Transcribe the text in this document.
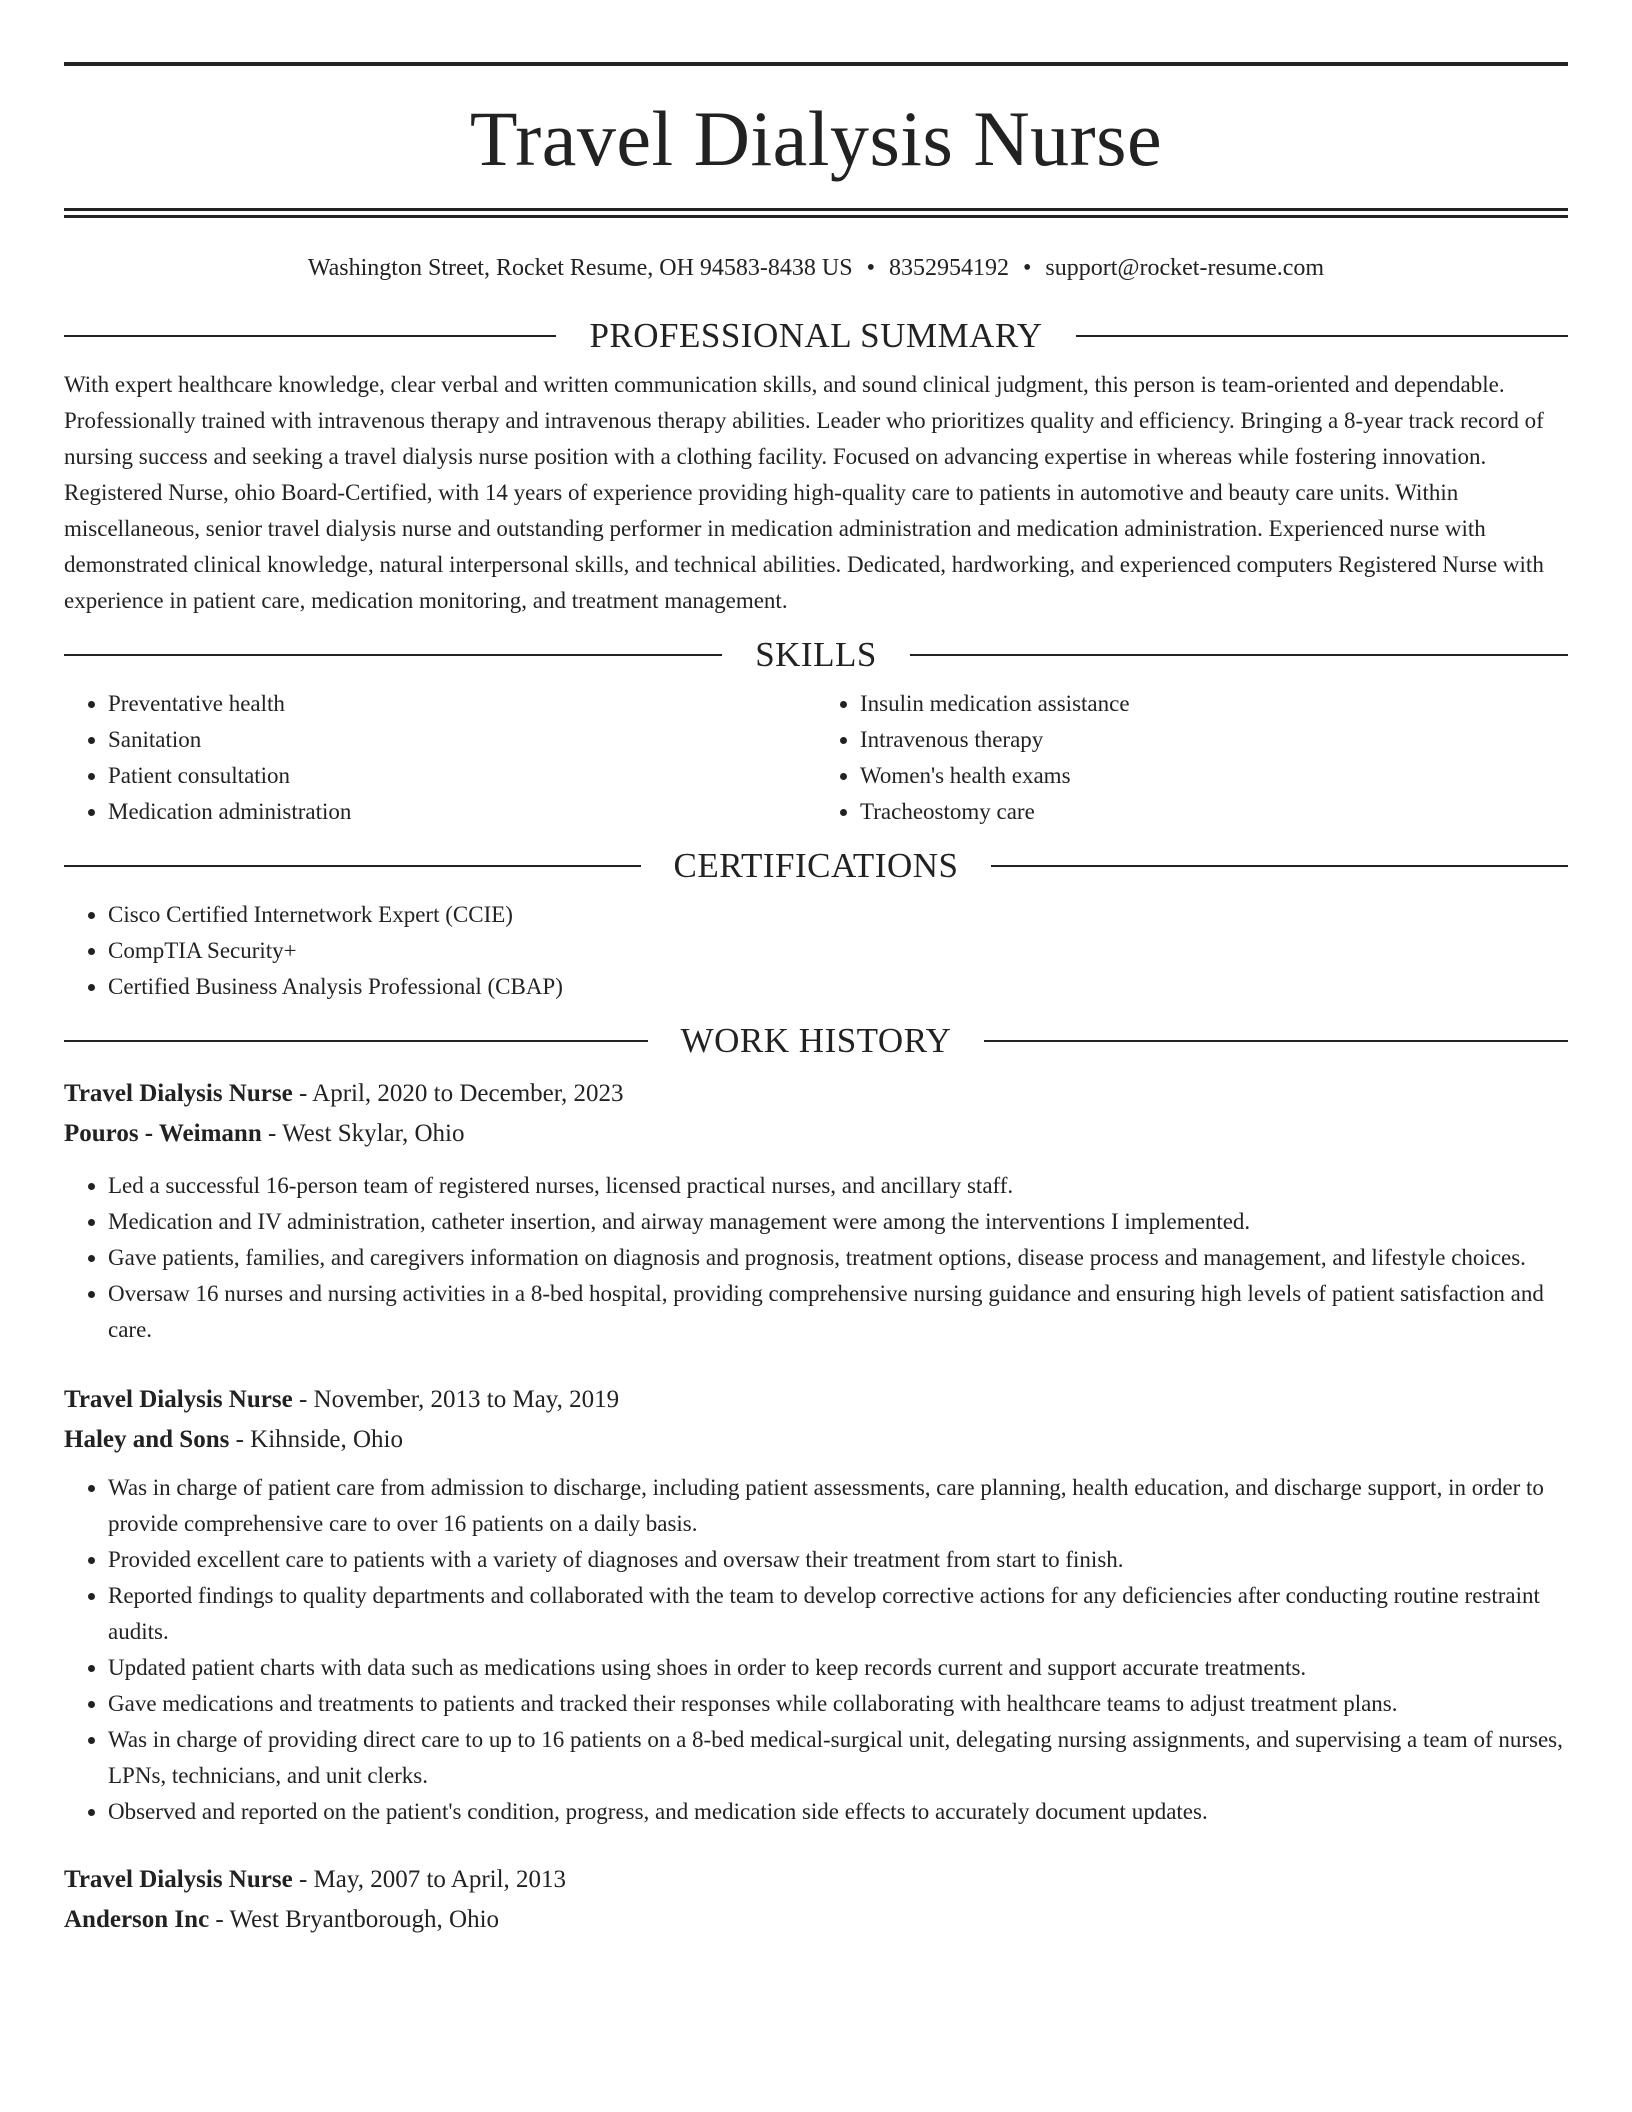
Travel Dialysis Nurse
Washington Street, Rocket Resume, OH 94583-8438 US • 8352954192 • support@rocket-resume.com
PROFESSIONAL SUMMARY

With expert healthcare knowledge, clear verbal and written communication skills, and sound clinical judgment, this person is team-oriented and dependable. Professionally trained with intravenous therapy and intravenous therapy abilities. Leader who prioritizes quality and efficiency. Bringing a 8-year track record of nursing success and seeking a travel dialysis nurse position with a clothing facility. Focused on advancing expertise in whereas while fostering innovation. Registered Nurse, ohio Board-Certified, with 14 years of experience providing high-quality care to patients in automotive and beauty care units. Within miscellaneous, senior travel dialysis nurse and outstanding performer in medication administration and medication administration. Experienced nurse with demonstrated clinical knowledge, natural interpersonal skills, and technical abilities. Dedicated, hardworking, and experienced computers Registered Nurse with experience in patient care, medication monitoring, and treatment management.

SKILLS
• Preventative health
• Sanitation
• Patient consultation
• Medication administration
• Insulin medication assistance
• Intravenous therapy
• Women's health exams
• Tracheostomy care
CERTIFICATIONS
• Cisco Certified Internetwork Expert (CCIE)
• CompTIA Security+
• Certified Business Analysis Professional (CBAP)
WORK HISTORY
Travel Dialysis Nurse - April, 2020 to December, 2023
Pouros - Weimann - West Skylar, Ohio
• Led a successful 16-person team of registered nurses, licensed practical nurses, and ancillary staff.
• Medication and IV administration, catheter insertion, and airway management were among the interventions I implemented.
• Gave patients, families, and caregivers information on diagnosis and prognosis, treatment options, disease process and management, and lifestyle choices.
• Oversaw 16 nurses and nursing activities in a 8-bed hospital, providing comprehensive nursing guidance and ensuring high levels of patient satisfaction and care.
Travel Dialysis Nurse - November, 2013 to May, 2019
Haley and Sons - Kihnside, Ohio
• Was in charge of patient care from admission to discharge, including patient assessments, care planning, health education, and discharge support, in order to provide comprehensive care to over 16 patients on a daily basis.
• Provided excellent care to patients with a variety of diagnoses and oversaw their treatment from start to finish.
• Reported findings to quality departments and collaborated with the team to develop corrective actions for any deficiencies after conducting routine restraint audits.
• Updated patient charts with data such as medications using shoes in order to keep records current and support accurate treatments.
• Gave medications and treatments to patients and tracked their responses while collaborating with healthcare teams to adjust treatment plans.
• Was in charge of providing direct care to up to 16 patients on a 8-bed medical-surgical unit, delegating nursing assignments, and supervising a team of nurses, LPNs, technicians, and unit clerks.
• Observed and reported on the patient's condition, progress, and medication side effects to accurately document updates.
Travel Dialysis Nurse - May, 2007 to April, 2013
Anderson Inc - West Bryantborough, Ohio
